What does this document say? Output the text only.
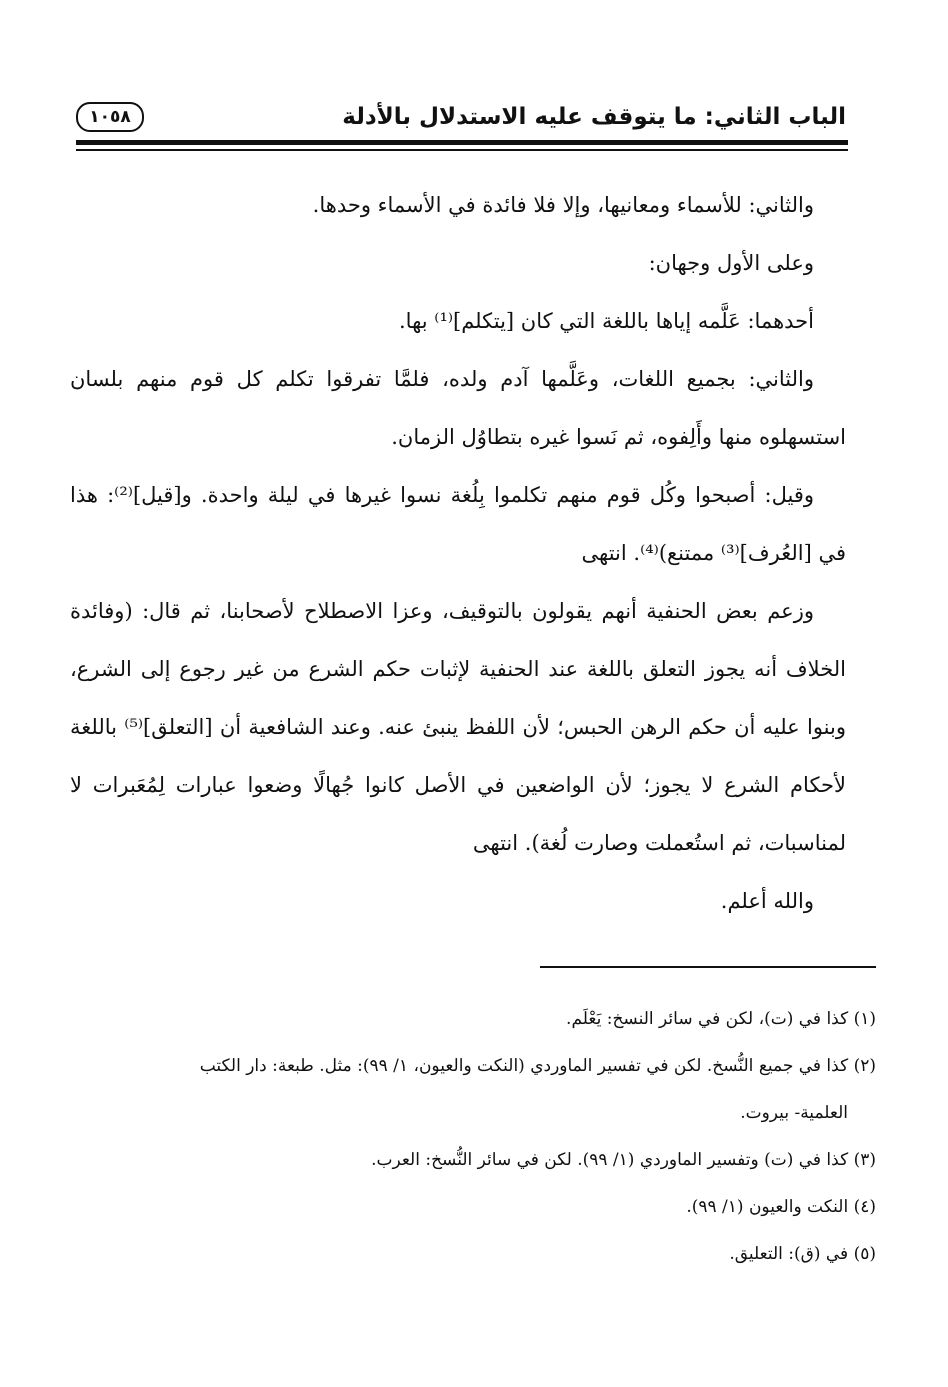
الباب الثاني: ما يتوقف عليه الاستدلال بالأدلة
١٠٥٨

والثاني: للأسماء ومعانيها، وإلا فلا فائدة في الأسماء وحدها.

وعلى الأول وجهان:

أحدهما: عَلَّمه إياها باللغة التي كان [يتكلم]⁽¹⁾ بها.

والثاني: بجميع اللغات، وعَلَّمها آدم ولده، فلمَّا تفرقوا تكلم كل قوم منهم بلسان استسهلوه منها وأَلِفوه، ثم نَسوا غيره بتطاوُل الزمان.

وقيل: أصبحوا وكُل قوم منهم تكلموا بِلُغة نسوا غيرها في ليلة واحدة. و[قيل]⁽²⁾: هذا في [العُرف]⁽³⁾ ممتنع)⁽⁴⁾. انتهى

وزعم بعض الحنفية أنهم يقولون بالتوقيف، وعزا الاصطلاح لأصحابنا، ثم قال: (وفائدة الخلاف أنه يجوز التعلق باللغة عند الحنفية لإثبات حكم الشرع من غير رجوع إلى الشرع، وبنوا عليه أن حكم الرهن الحبس؛ لأن اللفظ ينبئ عنه. وعند الشافعية أن [التعلق]⁽⁵⁾ باللغة لأحكام الشرع لا يجوز؛ لأن الواضعين في الأصل كانوا جُهالًا وضعوا عبارات لِمُعَبرات لا لمناسبات، ثم استُعملت وصارت لُغة). انتهى

والله أعلم.

(١) كذا في (ت)، لكن في سائر النسخ: يَعْلَم.

(٢) كذا في جميع النُّسخ. لكن في تفسير الماوردي (النكت والعيون، ١/ ٩٩): مثل. طبعة: دار الكتب

العلمية- بيروت.

(٣) كذا في (ت) وتفسير الماوردي (١/ ٩٩). لكن في سائر النُّسخ: العرب.

(٤) النكت والعيون (١/ ٩٩).

(٥) في (ق): التعليق.
